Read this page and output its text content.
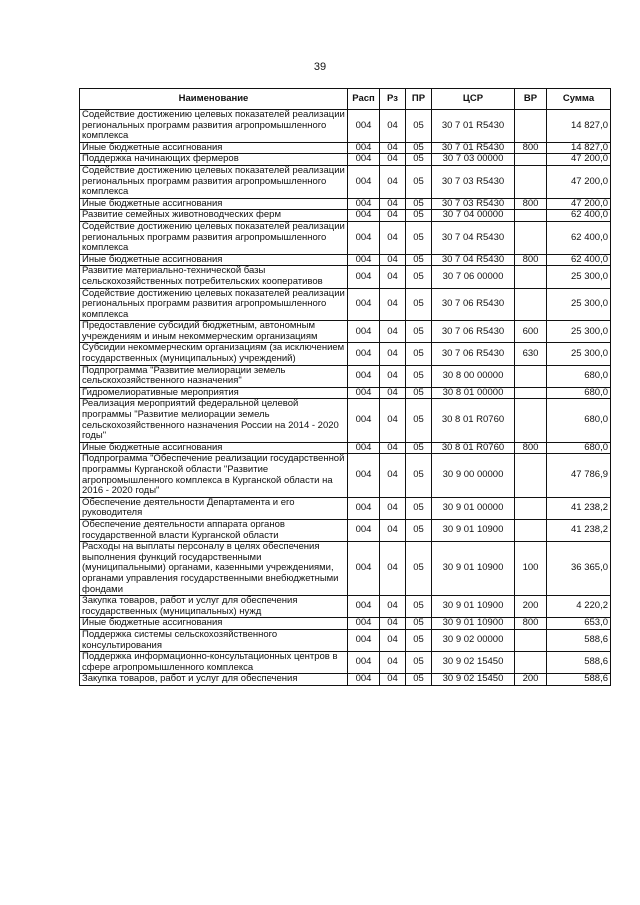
39
Наименование	Расп	Рз	ПР	ЦСР	ВР	Сумма
Содействие достижению целевых показателей реализации региональных программ развития агропромышленного комплекса	004	04	05	30 7 01 R5430		14 827,0
Иные бюджетные ассигнования	004	04	05	30 7 01 R5430	800	14 827,0
Поддержка начинающих фермеров	004	04	05	30 7 03 00000		47 200,0
Содействие достижению целевых показателей реализации региональных программ развития агропромышленного комплекса	004	04	05	30 7 03 R5430		47 200,0
Иные бюджетные ассигнования	004	04	05	30 7 03 R5430	800	47 200,0
Развитие семейных животноводческих ферм	004	04	05	30 7 04 00000		62 400,0
Содействие достижению целевых показателей реализации региональных программ развития агропромышленного комплекса	004	04	05	30 7 04 R5430		62 400,0
Иные бюджетные ассигнования	004	04	05	30 7 04 R5430	800	62 400,0
Развитие материально-технической базы сельскохозяйственных потребительских кооперативов	004	04	05	30 7 06 00000		25 300,0
Содействие достижению целевых показателей реализации региональных программ развития агропромышленного комплекса	004	04	05	30 7 06 R5430		25 300,0
Предоставление субсидий бюджетным, автономным учреждениям и иным некоммерческим организациям	004	04	05	30 7 06 R5430	600	25 300,0
Субсидии некоммерческим организациям (за исключением государственных (муниципальных) учреждений)	004	04	05	30 7 06 R5430	630	25 300,0
Подпрограмма "Развитие мелиорации земель сельскохозяйственного назначения"	004	04	05	30 8 00 00000		680,0
Гидромелиоративные мероприятия	004	04	05	30 8 01 00000		680,0
Реализация мероприятий федеральной целевой программы "Развитие мелиорации земель сельскохозяйственного назначения России на 2014 - 2020 годы"	004	04	05	30 8 01 R0760		680,0
Иные бюджетные ассигнования	004	04	05	30 8 01 R0760	800	680,0
Подпрограмма "Обеспечение реализации государственной программы Курганской области "Развитие агропромышленного комплекса в Курганской области на 2016 - 2020 годы"	004	04	05	30 9 00 00000		47 786,9
Обеспечение деятельности Департамента и его руководителя	004	04	05	30 9 01 00000		41 238,2
Обеспечение деятельности аппарата органов государственной власти Курганской области	004	04	05	30 9 01 10900		41 238,2
Расходы на выплаты персоналу в целях обеспечения выполнения функций государственными (муниципальными) органами, казенными учреждениями, органами управления государственными внебюджетными фондами	004	04	05	30 9 01 10900	100	36 365,0
Закупка товаров, работ и услуг для обеспечения государственных (муниципальных) нужд	004	04	05	30 9 01 10900	200	4 220,2
Иные бюджетные ассигнования	004	04	05	30 9 01 10900	800	653,0
Поддержка системы сельскохозяйственного консультирования	004	04	05	30 9 02 00000		588,6
Поддержка информационно-консультационных центров в сфере агропромышленного комплекса	004	04	05	30 9 02 15450		588,6
Закупка товаров, работ и услуг для обеспечения	004	04	05	30 9 02 15450	200	588,6
